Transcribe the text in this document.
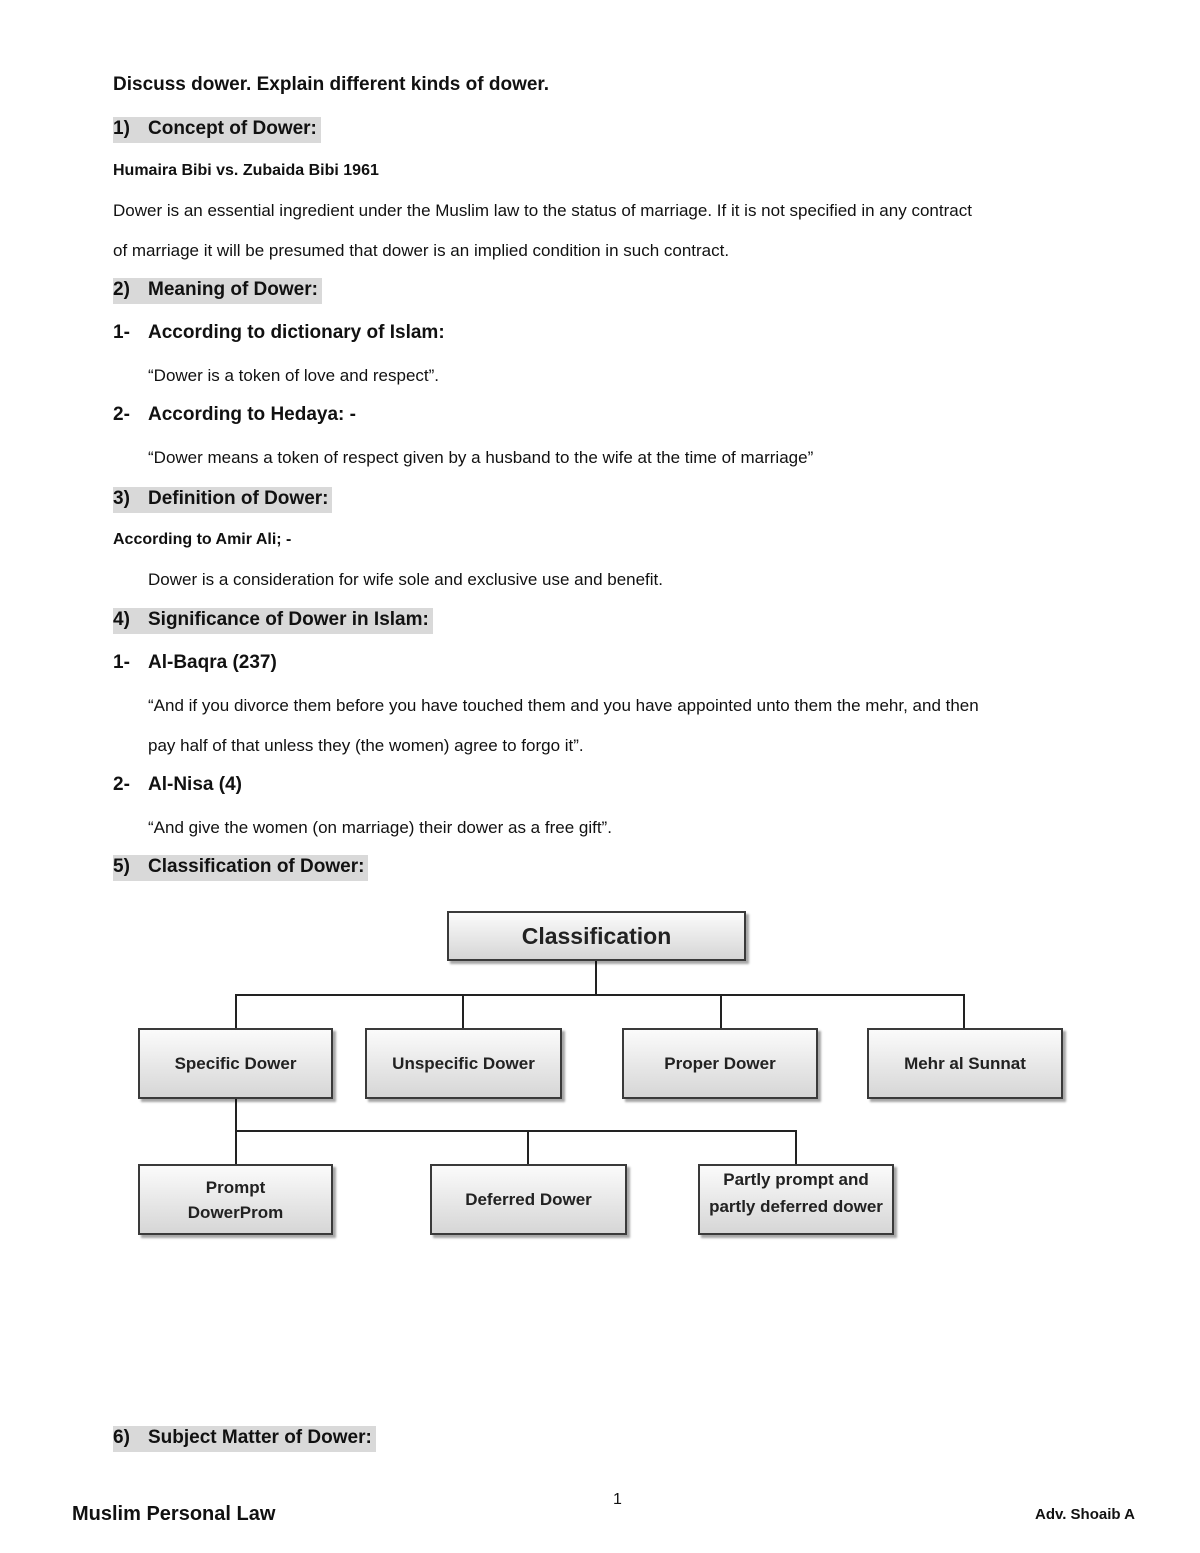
Discuss dower. Explain different kinds of dower.
1) Concept of Dower:
Humaira Bibi vs. Zubaida Bibi 1961
Dower is an essential ingredient under the Muslim law to the status of marriage. If it is not specified in any contract
of marriage it will be presumed that dower is an implied condition in such contract.
2) Meaning of Dower:
1- According to dictionary of Islam:
“Dower is a token of love and respect”.
2- According to Hedaya: -
“Dower means a token of respect given by a husband to the wife at the time of marriage”
3) Definition of Dower:
According to Amir Ali; -
Dower is a consideration for wife sole and exclusive use and benefit.
4) Significance of Dower in Islam:
1- Al-Baqra (237)
“And if you divorce them before you have touched them and you have appointed unto them the mehr, and then
pay half of that unless they (the women) agree to forgo it”.
2- Al-Nisa (4)
“And give the women (on marriage) their dower as a free gift”.
5) Classification of Dower:
Classification
Specific Dower	Unspecific Dower	Proper Dower	Mehr al Sunnat
Prompt DowerProm
Deferred Dower
Partly prompt and partly deferred dower
6) Subject Matter of Dower:
1
Muslim Personal Law	Adv. Shoaib A
